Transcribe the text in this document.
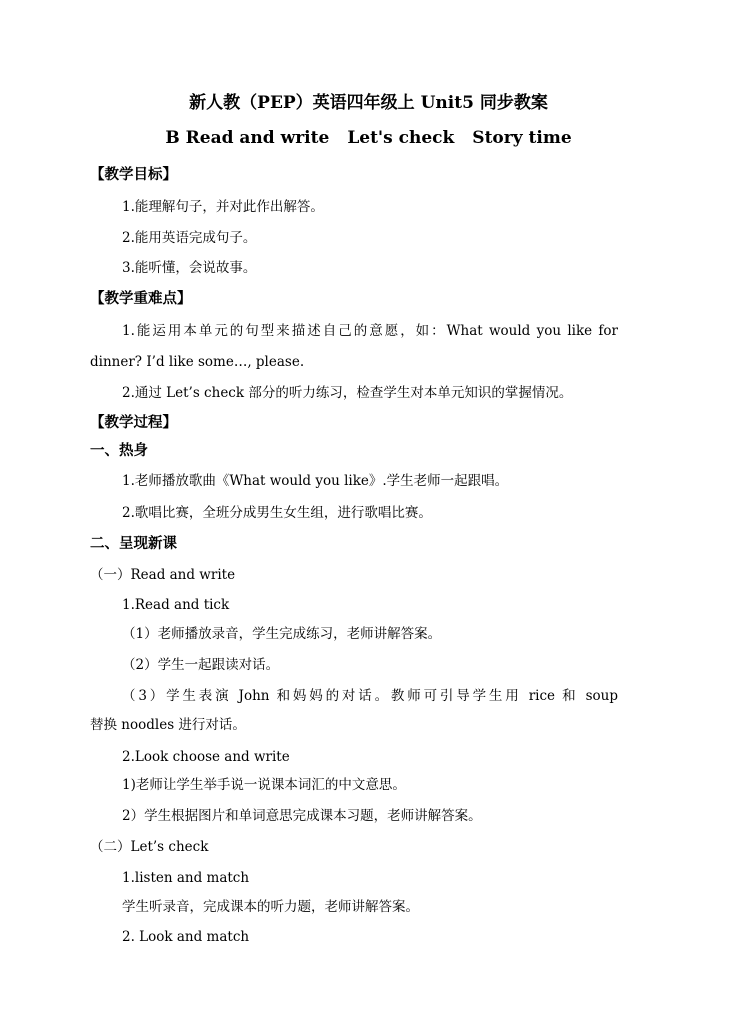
新人教（PEP）英语四年级上 Unit5 同步教案
B Read and write Let's check Story time
【教学目标】
1.能理解句子，并对此作出解答。
2.能用英语完成句子。
3.能听懂，会说故事。
【教学重难点】
1.能运用本单元的句型来描述自己的意愿，如：What would you like for
dinner? I’d like some…, please.
2.通过 Let’s check 部分的听力练习，检查学生对本单元知识的掌握情况。
【教学过程】
一、热身
1.老师播放歌曲《What would you like》.学生老师一起跟唱。
2.歌唱比赛，全班分成男生女生组，进行歌唱比赛。
二、呈现新课
（一）Read and write
1.Read and tick
（1）老师播放录音，学生完成练习，老师讲解答案。
（2）学生一起跟读对话。
（3）学生表演 John 和妈妈的对话。教师可引导学生用 rice 和 soup
替换 noodles 进行对话。
2.Look choose and write
1)老师让学生举手说一说课本词汇的中文意思。
2）学生根据图片和单词意思完成课本习题，老师讲解答案。
（二）Let’s check
1.listen and match
学生听录音，完成课本的听力题，老师讲解答案。
2. Look and match
